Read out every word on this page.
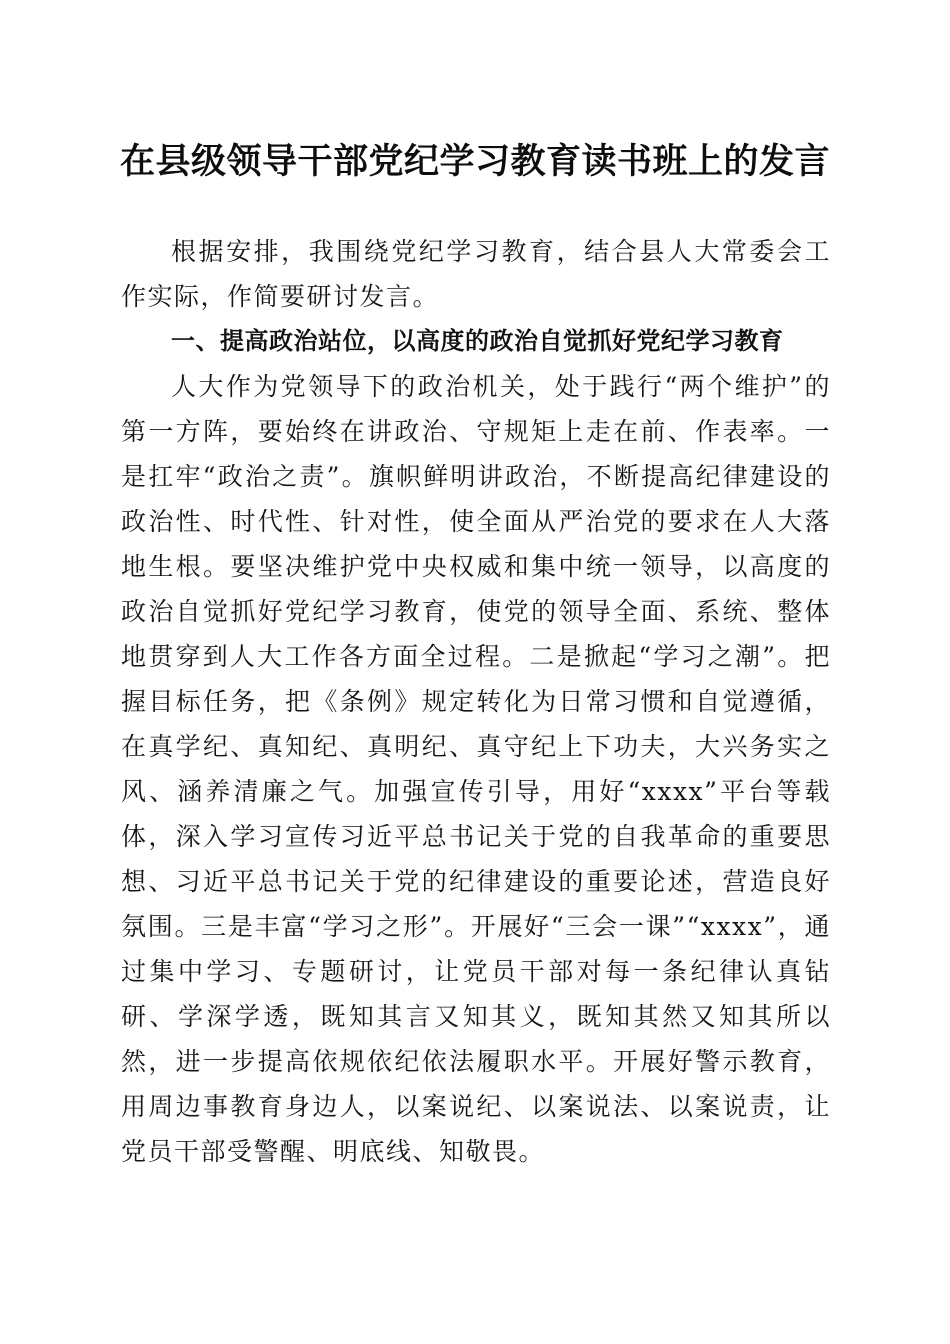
在县级领导干部党纪学习教育读书班上的发言

根据安排，我围绕党纪学习教育，结合县人大常委会工作实际，作简要研讨发言。

一、提高政治站位，以高度的政治自觉抓好党纪学习教育

人大作为党领导下的政治机关，处于践行“两个维护”的第一方阵，要始终在讲政治、守规矩上走在前、作表率。一是扛牢“政治之责”。旗帜鲜明讲政治，不断提高纪律建设的政治性、时代性、针对性，使全面从严治党的要求在人大落地生根。要坚决维护党中央权威和集中统一领导，以高度的政治自觉抓好党纪学习教育，使党的领导全面、系统、整体地贯穿到人大工作各方面全过程。二是掀起“学习之潮”。把握目标任务，把《条例》规定转化为日常习惯和自觉遵循，在真学纪、真知纪、真明纪、真守纪上下功夫，大兴务实之风、涵养清廉之气。加强宣传引导，用好“xxxx”平台等载体，深入学习宣传习近平总书记关于党的自我革命的重要思想、习近平总书记关于党的纪律建设的重要论述，营造良好氛围。三是丰富“学习之形”。开展好“三会一课”“xxxx”，通过集中学习、专题研讨，让党员干部对每一条纪律认真钻研、学深学透，既知其言又知其义，既知其然又知其所以然，进一步提高依规依纪依法履职水平。开展好警示教育，用周边事教育身边人，以案说纪、以案说法、以案说责，让党员干部受警醒、明底线、知敬畏。
